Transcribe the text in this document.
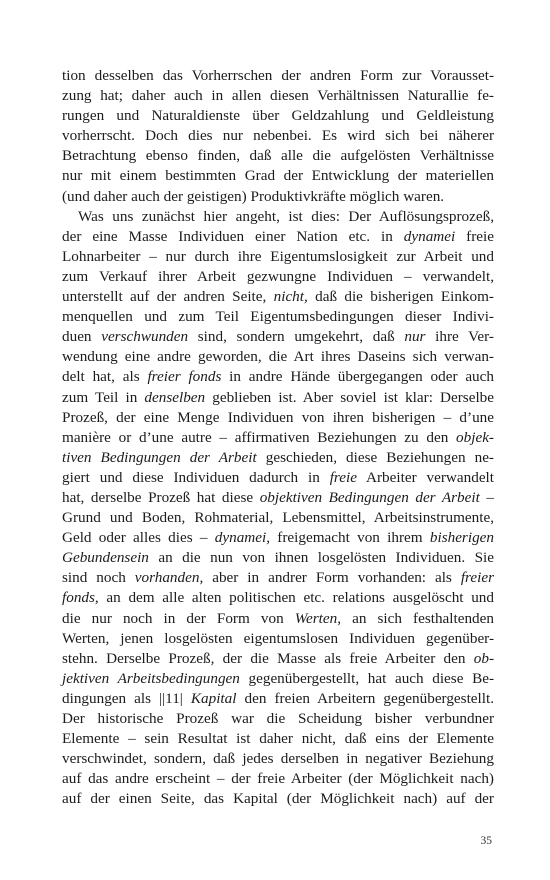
tion desselben das Vorherrschen der andren Form zur Vorausset-
zung hat; daher auch in allen diesen Verhältnissen Naturallie fe-
rungen und Naturaldienste über Geldzahlung und Geldleistung
vorherrscht. Doch dies nur nebenbei. Es wird sich bei näherer
Betrachtung ebenso finden, daß alle die aufgelösten Verhältnisse
nur mit einem bestimmten Grad der Entwicklung der materiellen
(und daher auch der geistigen) Produktivkräfte möglich waren.
Was uns zunächst hier angeht, ist dies: Der Auflösungsprozeß,
der eine Masse Individuen einer Nation etc. in dynamei freie
Lohnarbeiter – nur durch ihre Eigentumslosigkeit zur Arbeit und
zum Verkauf ihrer Arbeit gezwungne Individuen – verwandelt,
unterstellt auf der andren Seite, nicht, daß die bisherigen Einkom-
menquellen und zum Teil Eigentumsbedingungen dieser Indivi-
duen verschwunden sind, sondern umgekehrt, daß nur ihre Ver-
wendung eine andre geworden, die Art ihres Daseins sich verwan-
delt hat, als freier fonds in andre Hände übergegangen oder auch
zum Teil in denselben geblieben ist. Aber soviel ist klar: Derselbe
Prozeß, der eine Menge Individuen von ihren bisherigen – d’une
manière or d’une autre – affirmativen Beziehungen zu den objek-
tiven Bedingungen der Arbeit geschieden, diese Beziehungen ne-
giert und diese Individuen dadurch in freie Arbeiter verwandelt
hat, derselbe Prozeß hat diese objektiven Bedingungen der Arbeit –
Grund und Boden, Rohmaterial, Lebensmittel, Arbeitsinstrumente,
Geld oder alles dies – dynamei, freigemacht von ihrem bisherigen
Gebundensein an die nun von ihnen losgelösten Individuen. Sie
sind noch vorhanden, aber in andrer Form vorhanden: als freier
fonds, an dem alle alten politischen etc. relations ausgelöscht und
die nur noch in der Form von Werten, an sich festhaltenden
Werten, jenen losgelösten eigentumslosen Individuen gegenüber-
stehn. Derselbe Prozeß, der die Masse als freie Arbeiter den ob-
jektiven Arbeitsbedingungen gegenübergestellt, hat auch diese Be-
dingungen als ||11| Kapital den freien Arbeitern gegenübergestellt.
Der historische Prozeß war die Scheidung bisher verbundner
Elemente – sein Resultat ist daher nicht, daß eins der Elemente
verschwindet, sondern, daß jedes derselben in negativer Beziehung
auf das andre erscheint – der freie Arbeiter (der Möglichkeit nach)
auf der einen Seite, das Kapital (der Möglichkeit nach) auf der
35
